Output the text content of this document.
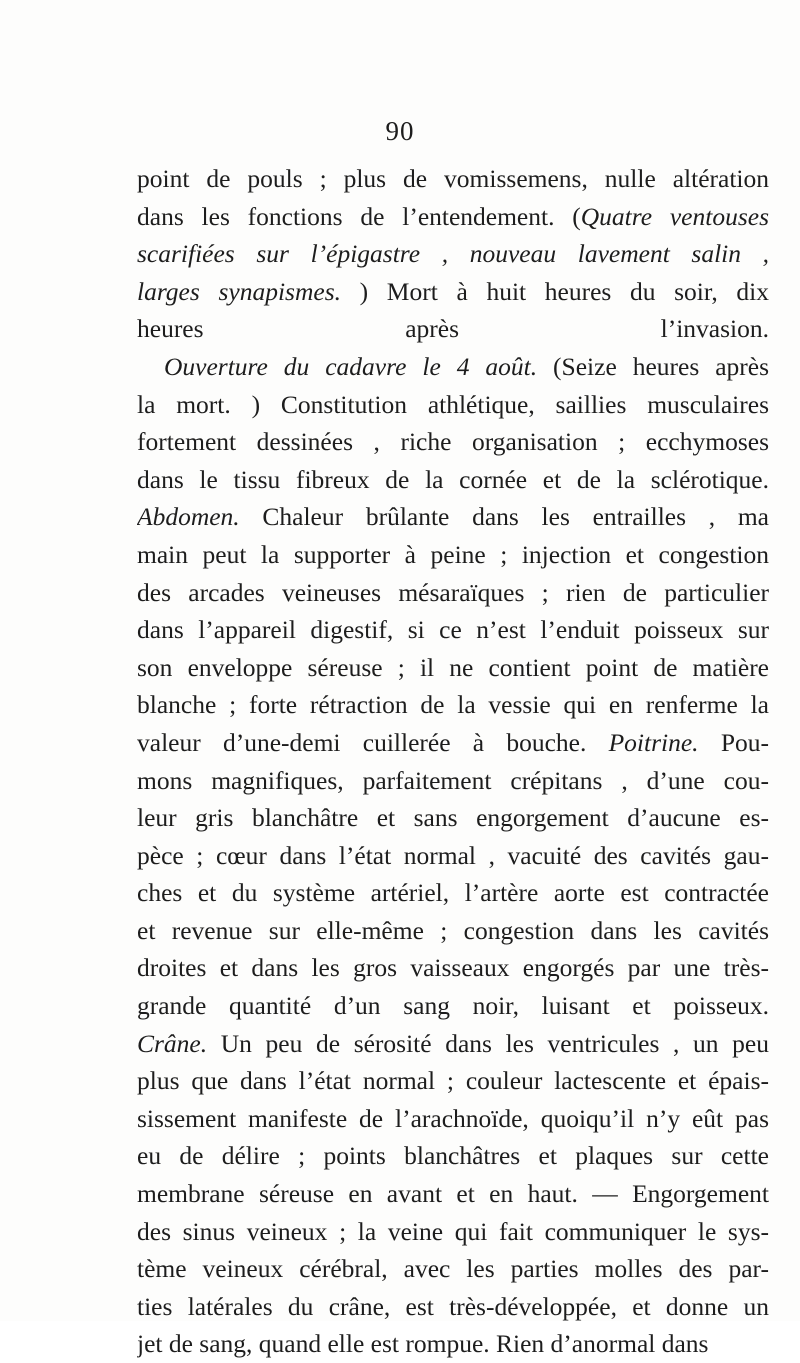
90
point de pouls ; plus de vomissemens, nulle altération
dans les fonctions de l’entendement. (Quatre ventouses
scarifiées sur l’épigastre , nouveau lavement salin ,
larges synapismes. ) Mort à huit heures du soir, dix
heures après l’invasion.
Ouverture du cadavre le 4 août. (Seize heures après
la mort. ) Constitution athlétique, saillies musculaires
fortement dessinées , riche organisation ; ecchymoses
dans le tissu fibreux de la cornée et de la sclérotique.
Abdomen. Chaleur brûlante dans les entrailles , ma
main peut la supporter à peine ; injection et congestion
des arcades veineuses mésaraïques ; rien de particulier
dans l’appareil digestif, si ce n’est l’enduit poisseux sur
son enveloppe séreuse ; il ne contient point de matière
blanche ; forte rétraction de la vessie qui en renferme la
valeur d’une-demi cuillerée à bouche. Poitrine. Pou-
mons magnifiques, parfaitement crépitans , d’une cou-
leur gris blanchâtre et sans engorgement d’aucune es-
pèce ; cœur dans l’état normal , vacuité des cavités gau-
ches et du système artériel, l’artère aorte est contractée
et revenue sur elle-même ; congestion dans les cavités
droites et dans les gros vaisseaux engorgés par une très-
grande quantité d’un sang noir, luisant et poisseux.
Crâne. Un peu de sérosité dans les ventricules , un peu
plus que dans l’état normal ; couleur lactescente et épais-
sissement manifeste de l’arachnoïde, quoiqu’il n’y eût pas
eu de délire ; points blanchâtres et plaques sur cette
membrane séreuse en avant et en haut. — Engorgement
des sinus veineux ; la veine qui fait communiquer le sys-
tème veineux cérébral, avec les parties molles des par-
ties latérales du crâne, est très-développée, et donne un
jet de sang, quand elle est rompue. Rien d’anormal dans
